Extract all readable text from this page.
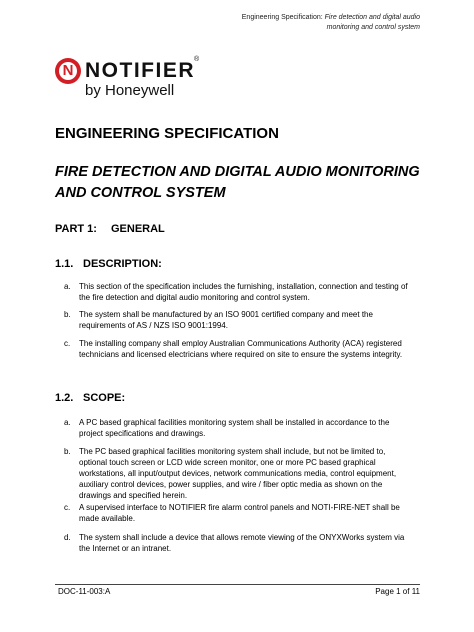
Engineering Specification: Fire detection and digital audio
monitoring and control system
N NOTIFIER ®
by Honeywell
ENGINEERING SPECIFICATION
FIRE DETECTION AND DIGITAL AUDIO MONITORING AND CONTROL SYSTEM
PART 1: GENERAL
1.1. DESCRIPTION:
a. This section of the specification includes the furnishing, installation, connection and testing of the fire detection and digital audio monitoring and control system.
b. The system shall be manufactured by an ISO 9001 certified company and meet the requirements of AS / NZS ISO 9001:1994.
c. The installing company shall employ Australian Communications Authority (ACA) registered technicians and licensed electricians where required on site to ensure the systems integrity.
1.2. SCOPE:
a. A PC based graphical facilities monitoring system shall be installed in accordance to the project specifications and drawings.
b. The PC based graphical facilities monitoring system shall include, but not be limited to, optional touch screen or LCD wide screen monitor, one or more PC based graphical workstations, all input/output devices, network communications media, control equipment, auxiliary control devices, power supplies, and wire / fiber optic media as shown on the drawings and specified herein.
c. A supervised interface to NOTIFIER fire alarm control panels and NOTI-FIRE-NET shall be made available.
d. The system shall include a device that allows remote viewing of the ONYXWorks system via the Internet or an intranet.
DOC-11-003:A	Page 1 of 11
